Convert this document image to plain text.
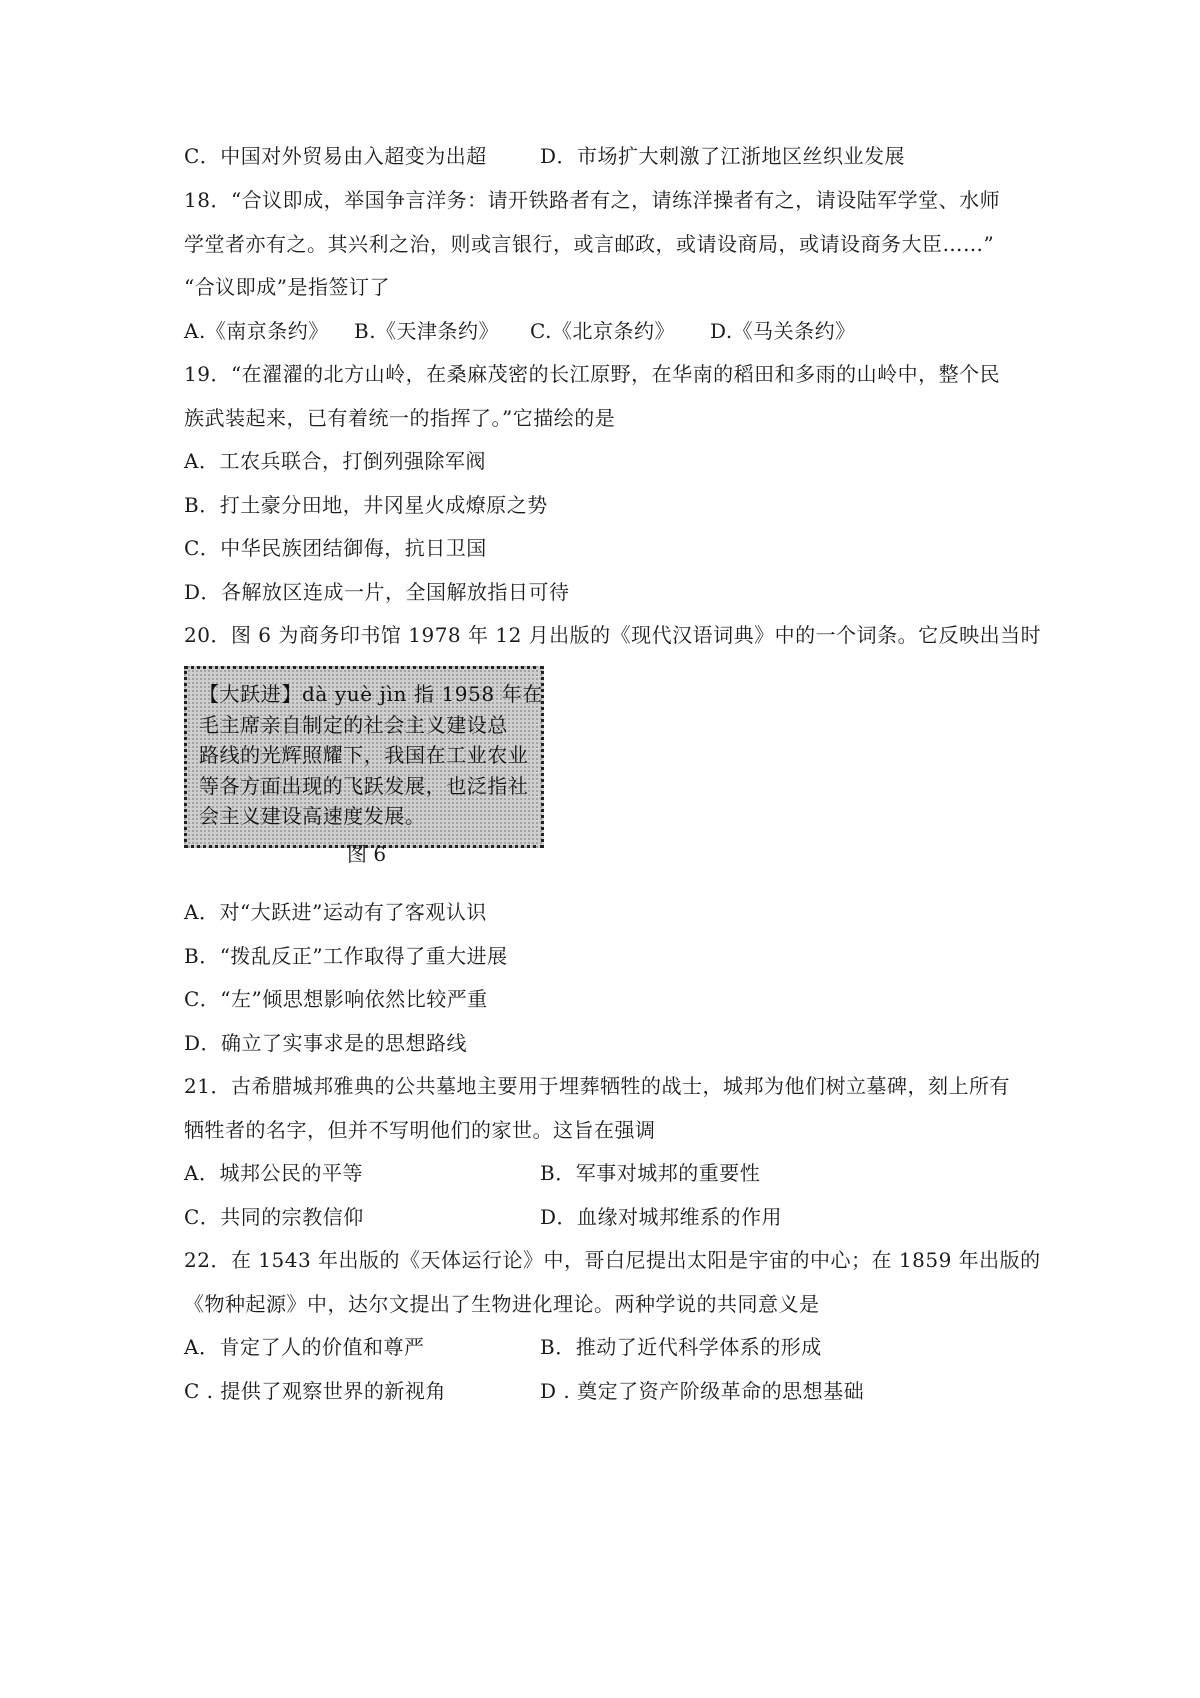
C．中国对外贸易由入超变为出超	D．市场扩大刺激了江浙地区丝织业发展
18．“合议即成，举国争言洋务：请开铁路者有之，请练洋操者有之，请设陆军学堂、水师
学堂者亦有之。其兴利之治，则或言银行，或言邮政，或请设商局，或请设商务大臣……”
“合议即成”是指签订了
A.《南京条约》 B.《天津条约》 C.《北京条约》 D.《马关条约》
19．“在濯濯的北方山岭，在桑麻茂密的长江原野，在华南的稻田和多雨的山岭中，整个民
族武装起来，已有着统一的指挥了。”它描绘的是
A．工农兵联合，打倒列强除军阀
B．打土豪分田地，井冈星火成燎原之势
C．中华民族团结御侮，抗日卫国
D．各解放区连成一片，全国解放指日可待
20．图 6 为商务印书馆 1978 年 12 月出版的《现代汉语词典》中的一个词条。它反映出当时
【大跃进】dà yuè jìn 指 1958 年在
毛主席亲自制定的社会主义建设总
路线的光辉照耀下，我国在工业农业
等各方面出现的飞跃发展，也泛指社
会主义建设高速度发展。
图 6
A．对“大跃进”运动有了客观认识
B．“拨乱反正”工作取得了重大进展
C．“左”倾思想影响依然比较严重
D．确立了实事求是的思想路线
21．古希腊城邦雅典的公共墓地主要用于埋葬牺牲的战士，城邦为他们树立墓碑，刻上所有
牺牲者的名字，但并不写明他们的家世。这旨在强调
A．城邦公民的平等	B．军事对城邦的重要性
C．共同的宗教信仰	D．血缘对城邦维系的作用
22．在 1543 年出版的《天体运行论》中，哥白尼提出太阳是宇宙的中心；在 1859 年出版的
《物种起源》中，达尔文提出了生物进化理论。两种学说的共同意义是
A．肯定了人的价值和尊严	B．推动了近代科学体系的形成
C . 提供了观察世界的新视角	D . 奠定了资产阶级革命的思想基础
